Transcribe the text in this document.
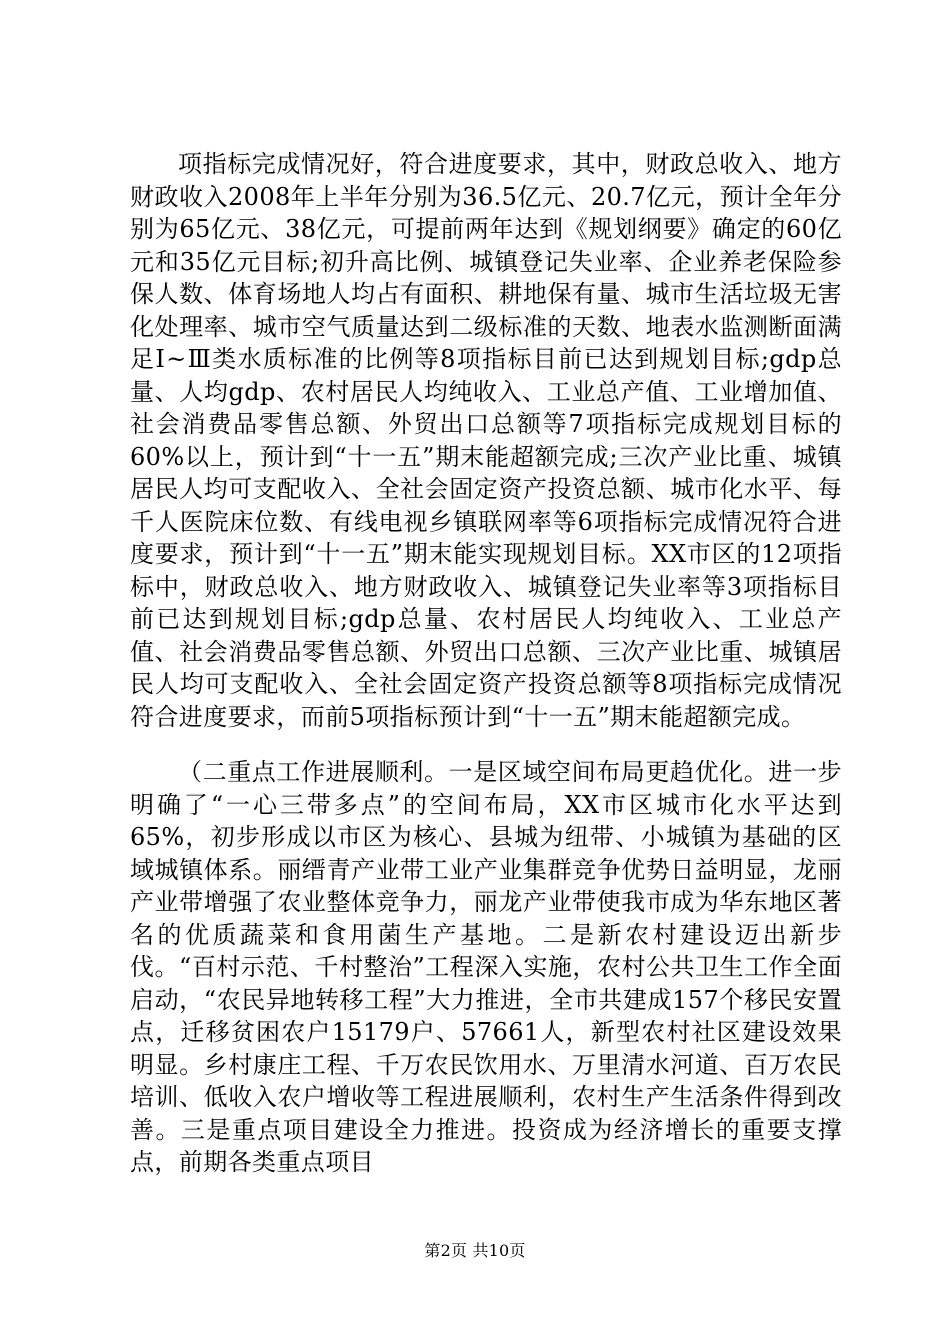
项指标完成情况好，符合进度要求，其中，财政总收入、地方财政收入2008年上半年分别为36.5亿元、20.7亿元，预计全年分别为65亿元、38亿元，可提前两年达到《规划纲要》确定的60亿元和35亿元目标;初升高比例、城镇登记失业率、企业养老保险参保人数、体育场地人均占有面积、耕地保有量、城市生活垃圾无害化处理率、城市空气质量达到二级标准的天数、地表水监测断面满足Ⅰ~Ⅲ类水质标准的比例等8项指标目前已达到规划目标;gdp总量、人均gdp、农村居民人均纯收入、工业总产值、工业增加值、社会消费品零售总额、外贸出口总额等7项指标完成规划目标的60%以上，预计到“十一五”期末能超额完成;三次产业比重、城镇居民人均可支配收入、全社会固定资产投资总额、城市化水平、每千人医院床位数、有线电视乡镇联网率等6项指标完成情况符合进度要求，预计到“十一五”期末能实现规划目标。XX市区的12项指标中，财政总收入、地方财政收入、城镇登记失业率等3项指标目前已达到规划目标;gdp总量、农村居民人均纯收入、工业总产值、社会消费品零售总额、外贸出口总额、三次产业比重、城镇居民人均可支配收入、全社会固定资产投资总额等8项指标完成情况符合进度要求，而前5项指标预计到“十一五”期末能超额完成。

（二重点工作进展顺利。一是区域空间布局更趋优化。进一步明确了“一心三带多点”的空间布局，XX市区城市化水平达到65%，初步形成以市区为核心、县城为纽带、小城镇为基础的区域城镇体系。丽缙青产业带工业产业集群竞争优势日益明显，龙丽产业带增强了农业整体竞争力，丽龙产业带使我市成为华东地区著名的优质蔬菜和食用菌生产基地。二是新农村建设迈出新步伐。“百村示范、千村整治”工程深入实施，农村公共卫生工作全面启动，“农民异地转移工程”大力推进，全市共建成157个移民安置点，迁移贫困农户15179户、57661人，新型农村社区建设效果明显。乡村康庄工程、千万农民饮用水、万里清水河道、百万农民培训、低收入农户增收等工程进展顺利，农村生产生活条件得到改善。三是重点项目建设全力推进。投资成为经济增长的重要支撑点，前期各类重点项目

第2页 共10页
